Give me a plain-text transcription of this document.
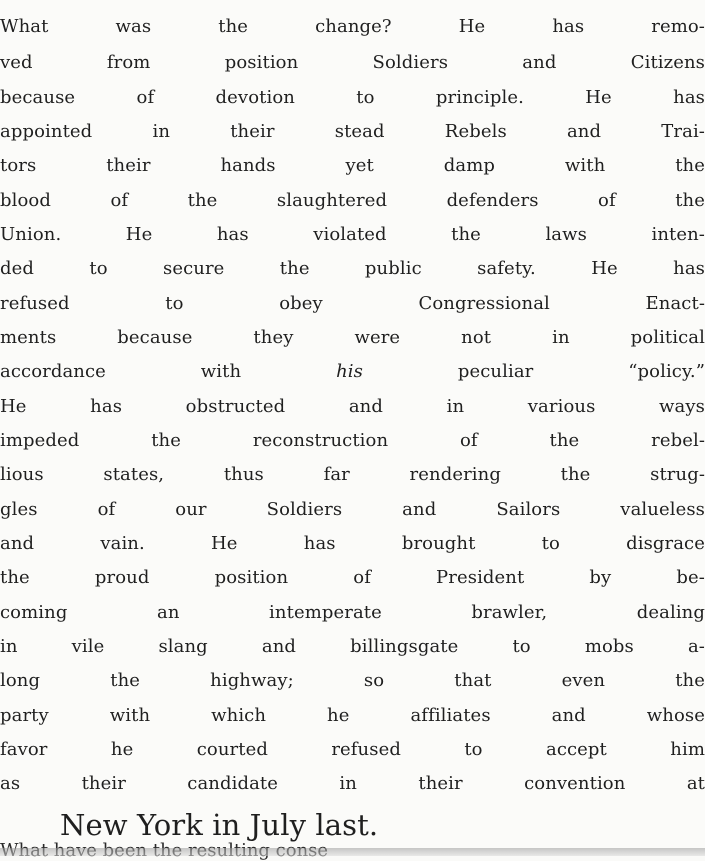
What was the change? He has remo-

ved from position Soldiers and Citizens

because of devotion to principle. He has

appointed in their stead Rebels and Trai-

tors their hands yet damp with the

blood of the slaughtered defenders of the

Union. He has violated the laws inten-

ded to secure the public safety. He has

refused to obey Congressional Enact-

ments because they were not in political

accordance with his peculiar “policy.”

He has obstructed and in various ways

impeded the reconstruction of the rebel-

lious states, thus far rendering the strug-

gles of our Soldiers and Sailors valueless

and vain. He has brought to disgrace

the proud position of President by be-

coming an intemperate brawler, dealing

in vile slang and billingsgate to mobs a-

long the highway; so that even the

party with which he affiliates and whose

favor he courted refused to accept him

as their candidate in their convention at

New York in July last.
